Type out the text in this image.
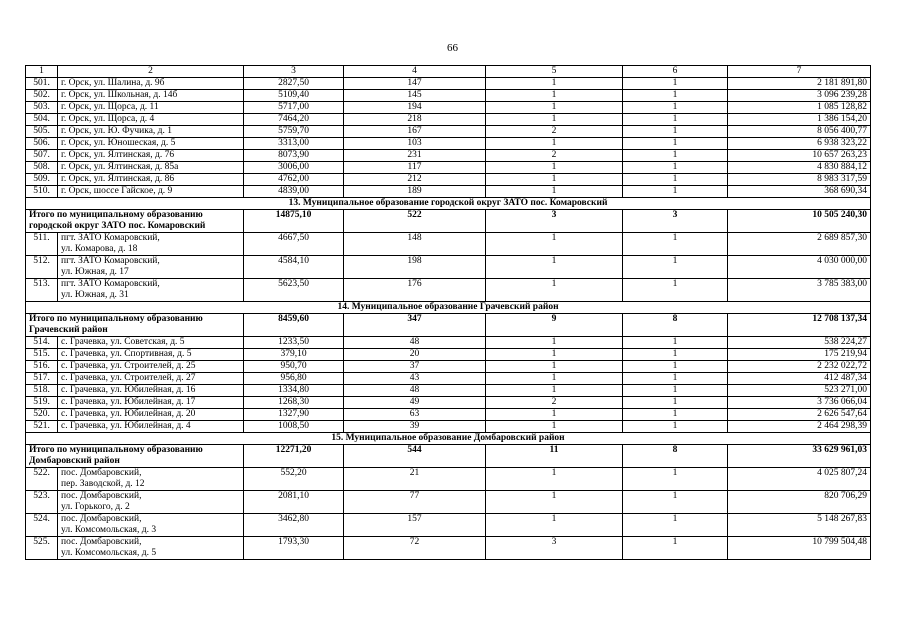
66
1	2	3	4	5	6	7
501.	г. Орск, ул. Шалина, д. 9б	2827,50	147	1	1	2 181 891,80
502.	г. Орск, ул. Школьная, д. 14б	5109,40	145	1	1	3 096 239,28
503.	г. Орск, ул. Щорса, д. 11	5717,00	194	1	1	1 085 128,82
504.	г. Орск, ул. Щорса, д. 4	7464,20	218	1	1	1 386 154,20
505.	г. Орск, ул. Ю. Фучика, д. 1	5759,70	167	2	1	8 056 400,77
506.	г. Орск, ул. Юношеская, д. 5	3313,00	103	1	1	6 938 323,22
507.	г. Орск, ул. Ялтинская, д. 76	8073,90	231	2	1	10 657 263,23
508.	г. Орск, ул. Ялтинская, д. 85а	3006,00	117	1	1	4 830 884,12
509.	г. Орск, ул. Ялтинская, д. 86	4762,00	212	1	1	8 983 317,59
510.	г. Орск, шоссе Гайское, д. 9	4839,00	189	1	1	368 690,34
13. Муниципальное образование городской округ ЗАТО пос. Комаровский						

Итого по муниципальному образованию
городской округ ЗАТО пос. Комаровский		14875,10	522	3	3	10 505 240,30
511.	пгт. ЗАТО Комаровский,
ул. Комарова, д. 18	4667,50	148	1	1	2 689 857,30
512.	пгт. ЗАТО Комаровский,
ул. Южная, д. 17	4584,10	198	1	1	4 030 000,00
513.	пгт. ЗАТО Комаровский,
ул. Южная, д. 31	5623,50	176	1	1	3 785 383,00
14. Муниципальное образование Грачевский район						

Итого по муниципальному образованию
Грачевский район		8459,60	347	9	8	12 708 137,34
514.	с. Грачевка, ул. Советская, д. 5	1233,50	48	1	1	538 224,27
515.	с. Грачевка, ул. Спортивная, д. 5	379,10	20	1	1	175 219,94
516.	с. Грачевка, ул. Строителей, д. 25	950,70	37	1	1	2 232 022,72
517.	с. Грачевка, ул. Строителей, д. 27	956,80	43	1	1	412 487,34
518.	с. Грачевка, ул. Юбилейная, д. 16	1334,80	48	1	1	523 271,00
519.	с. Грачевка, ул. Юбилейная, д. 17	1268,30	49	2	1	3 736 066,04
520.	с. Грачевка, ул. Юбилейная, д. 20	1327,90	63	1	1	2 626 547,64
521.	с. Грачевка, ул. Юбилейная, д. 4	1008,50	39	1	1	2 464 298,39
15. Муниципальное образование Домбаровский район						

Итого по муниципальному образованию
Домбаровский район		12271,20	544	11	8	33 629 961,03
522.	пос. Домбаровский,
пер. Заводской, д. 12	552,20	21	1	1	4 025 807,24
523.	пос. Домбаровский,
ул. Горького, д. 2	2081,10	77	1	1	820 706,29
524.	пос. Домбаровский,
ул. Комсомольская, д. 3	3462,80	157	1	1	5 148 267,83
525.	пос. Домбаровский,
ул. Комсомольская, д. 5	1793,30	72	3	1	10 799 504,48
